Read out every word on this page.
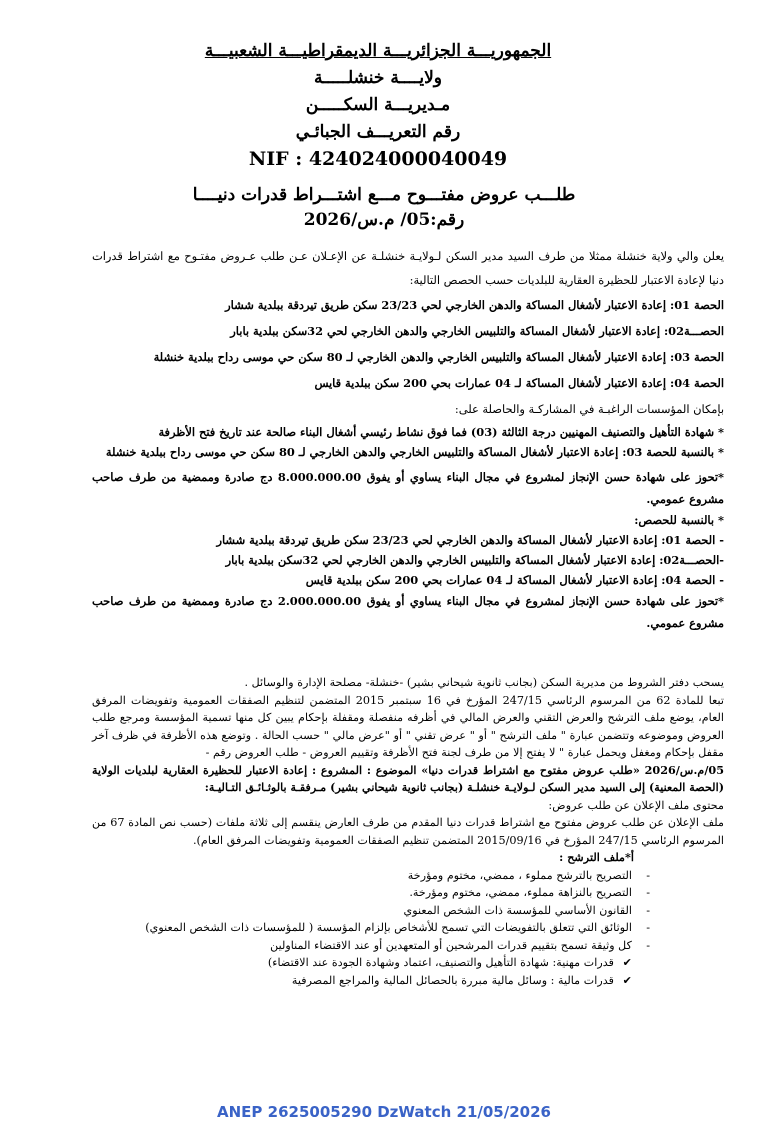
الجمهوريـــة الجزائريـــة الديمقراطيـــة الشعبيـــة
ولايــــة خنشلـــــة
مـديريـــة السكـــــن
رقم التعريـــف الجبائـي
NIF : 424024000040049
طلـــب عروض مفتـــوح مـــع اشتـــراط قدرات دنيــــا
رقم:05/ م.س/2026

يعلن والي ولاية خنشلة ممثلا من طرف السيد مدير السكن لـولايـة خنشلـة عن الإعـلان عـن طلب عـروض مفتـوح مع اشتراط قدرات دنيا لإعادة الاعتبار للحظيرة العقارية للبلديات حسب الحصص التالية:

الحصة 01: إعادة الاعتبار لأشغال المساكة والدهن الخارجي لحي 23/23 سكن طريق تيردقة ببلدية ششار

الحصـــة02: إعادة الاعتبار لأشغال المساكة والتلبيس الخارجي والدهن الخارجي لحي 32سكن ببلدية بابار

الحصة 03: إعادة الاعتبار لأشغال المساكة والتلبيس الخارجي والدهن الخارجي لـ 80 سكن حي موسى رداح ببلدية خنشلة

الحصة 04: إعادة الاعتبار لأشغال المساكة لـ 04 عمارات بحي 200 سكن ببلدية قايس

بإمكان المؤسسات الراغبـة في المشاركـة والحاصلة على:

* شهادة التأهيل والتصنيف المهنيين درجة الثالثة (03) فما فوق نشاط رئيسي أشغال البناء صالحة عند تاريخ فتح الأظرفة

* بالنسبة للحصة 03: إعادة الاعتبار لأشغال المساكة والتلبيس الخارجي والدهن الخارجي لـ 80 سكن حي موسى رداح ببلدية خنشلة

*تحوز على شهادة حسن الإنجاز لمشروع في مجال البناء يساوي أو يفوق 8.000.000.00 دج صادرة وممضية من طرف صاحب مشروع عمومي.

* بالنسبة للحصص:

- الحصة 01: إعادة الاعتبار لأشغال المساكة والدهن الخارجي لحي 23/23 سكن طريق تيردقة ببلدية ششار

-الحصـــة02: إعادة الاعتبار لأشغال المساكة والتلبيس الخارجي والدهن الخارجي لحي 32سكن ببلدية بابار

- الحصة 04: إعادة الاعتبار لأشغال المساكة لـ 04 عمارات بحي 200 سكن ببلدية قايس

*تحوز على شهادة حسن الإنجاز لمشروع في مجال البناء يساوي أو يفوق 2.000.000.00 دج صادرة وممضية من طرف صاحب مشروع عمومي.

يسحب دفتر الشروط من مديرية السكن (بجانب ثانوية شيحاني بشير) -خنشلة- مصلحة الإدارة والوسائل .

تبعا للمادة 62 من المرسوم الرئاسي 247/15 المؤرخ في 16 سبتمبر 2015 المتضمن لتنظيم الصفقات العمومية وتفويضات المرفق العام، يوضع ملف الترشح والعرض التقني والعرض المالي في أظرفه منفصلة ومقفلة بإحكام يبين كل منها تسمية المؤسسة ومرجع طلب العروض وموضوعه وتتضمن عبارة " ملف الترشح " أو " عرض تقني " أو "عرض مالي " حسب الحالة . وتوضع هذه الأظرفة في ظرف آخر مقفل بإحكام ومغفل ويحمل عبارة " لا يفتح إلا من طرف لجنة فتح الأظرفة وتقييم العروض - طلب العروض رقم -

05/م.س/2026 «طلب عروض مفتوح مع اشتراط قدرات دنيا» الموضوع : المشروع : إعادة الاعتبار للحظيرة العقارية لبلديات الولاية (الحصة المعنية) إلى السيد مدير السكن لـولايـة خنشلـة (بجانب ثانوية شيحاني بشير) مـرفقـة بالوثـائـق التـاليـة:

محتوى ملف الإعلان عن طلب عروض:

ملف الإعلان عن طلب عروض مفتوح مع اشتراط قدرات دنيا المقدم من طرف العارض ينقسم إلى ثلاثة ملفات (حسب نص المادة 67 من المرسوم الرئاسي 247/15 المؤرخ في 2015/09/16 المتضمن تنظيم الصفقات العمومية وتفويضات المرفق العام).

أ*ملف الترشح :

-
التصريح بالترشح مملوء ، ممضي، مختوم ومؤرخة
-
التصريح بالنزاهة مملوء، ممضي، مختوم ومؤرخة.
-
القانون الأساسي للمؤسسة ذات الشخص المعنوي
-
الوثائق التي تتعلق بالتفويضات التي تسمح للأشخاص بإلزام المؤسسة ( للمؤسسات ذات الشخص المعنوي)
-
كل وثيقة تسمح بتقييم قدرات المرشحين أو المتعهدين أو عند الاقتضاء المناولين
✔
قدرات مهنية: شهادة التأهيل والتصنيف، اعتماد وشهادة الجودة عند الاقتضاء)
✔
قدرات مالية : وسائل مالية مبررة بالحصائل المالية والمراجع المصرفية
ANEP 2625005290 DzWatch 21/05/2026
